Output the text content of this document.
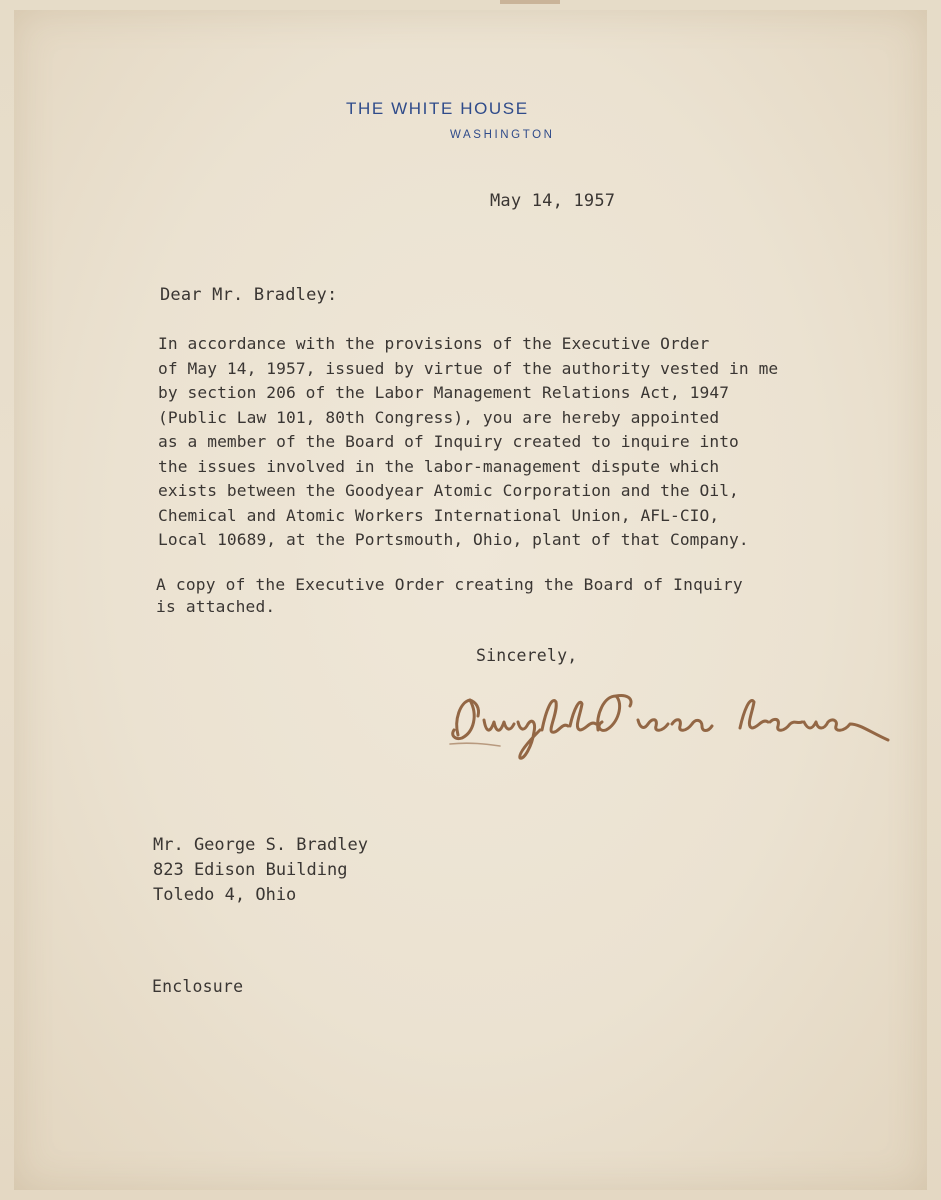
THE WHITE HOUSE
WASHINGTON
May 14, 1957
Dear Mr. Bradley:
In accordance with the provisions of the Executive Order
of May 14, 1957, issued by virtue of the authority vested in me
by section 206 of the Labor Management Relations Act, 1947
(Public Law 101, 80th Congress), you are hereby appointed
as a member of the Board of Inquiry created to inquire into
the issues involved in the labor-management dispute which
exists between the Goodyear Atomic Corporation and the Oil,
Chemical and Atomic Workers International Union, AFL-CIO,
Local 10689, at the Portsmouth, Ohio, plant of that Company.
A copy of the Executive Order creating the Board of Inquiry
is attached.
Sincerely,
Mr. George S. Bradley
823 Edison Building
Toledo 4, Ohio
Enclosure
